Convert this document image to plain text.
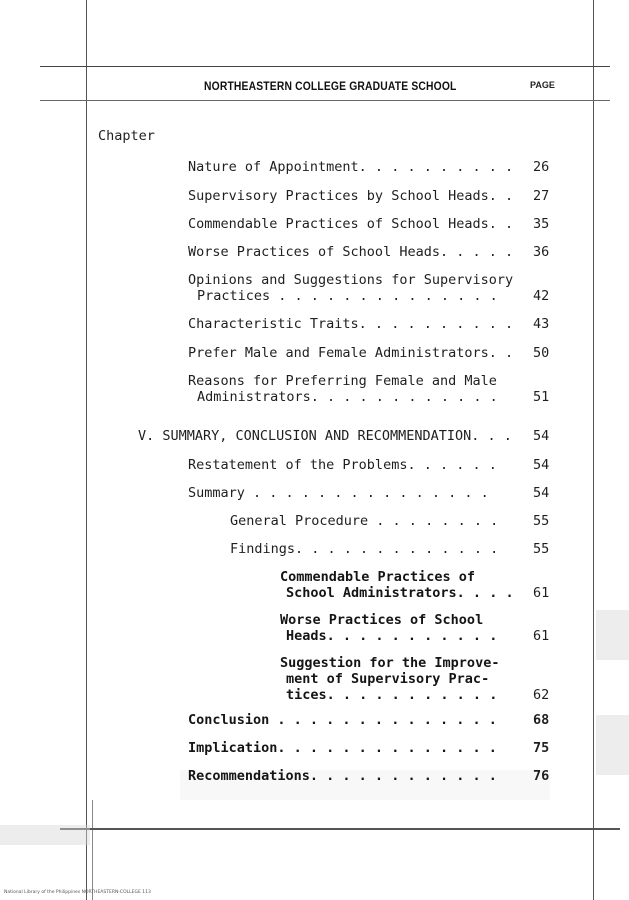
NORTHEASTERN COLLEGE GRADUATE SCHOOL	PAGE
Chapter
Nature of Appointment. . . . . . . . . . 26
Supervisory Practices by School Heads. . 27
Commendable Practices of School Heads. . 35
Worse Practices of School Heads. . . . . 36
Opinions and Suggestions for Supervisory
Practices . . . . . . . . . . . . . .	42
Characteristic Traits. . . . . . . . . . 43
Prefer Male and Female Administrators. . 50
Reasons for Preferring Female and Male
Administrators. . . . . . . . . . . .	51
V. SUMMARY, CONCLUSION AND RECOMMENDATION. . . 54
Restatement of the Problems. . . . . .	54
Summary . . . . . . . . . . . . . . .	54
General Procedure . . . . . . . .	55
Findings. . . . . . . . . . . . .	55
Commendable Practices of
School Administrators. . . . 61
Worse Practices of School
Heads. . . . . . . . . . .	61
Suggestion for the Improve-
ment of Supervisory Prac-
tices. . . . . . . . . . .	62
Conclusion . . . . . . . . . . . . . .	68
Implication. . . . . . . . . . . . . .	75
Recommendations. . . . . . . . . . . .	76
National Library of the Philippines NORTHEASTERN-COLLEGE 113
